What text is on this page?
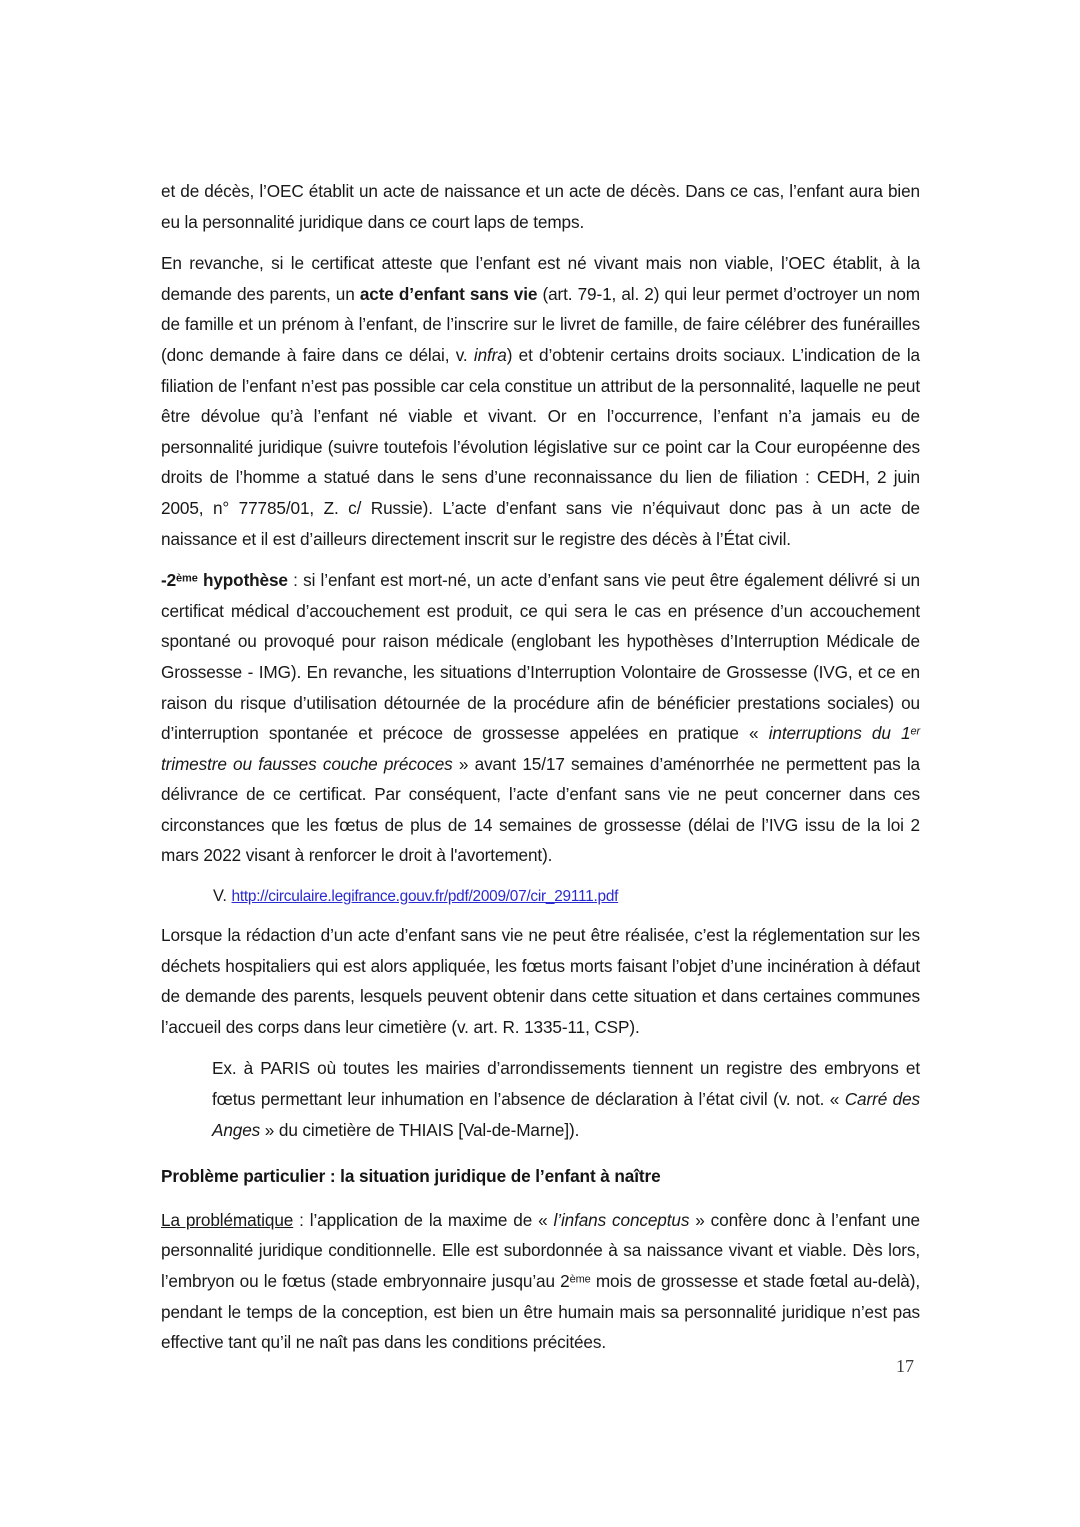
et de décès, l’OEC établit un acte de naissance et un acte de décès. Dans ce cas, l’enfant aura bien eu la personnalité juridique dans ce court laps de temps.

En revanche, si le certificat atteste que l’enfant est né vivant mais non viable, l’OEC établit, à la demande des parents, un acte d’enfant sans vie (art. 79-1, al. 2) qui leur permet d’octroyer un nom de famille et un prénom à l’enfant, de l’inscrire sur le livret de famille, de faire célébrer des funérailles (donc demande à faire dans ce délai, v. infra) et d’obtenir certains droits sociaux. L’indication de la filiation de l’enfant n’est pas possible car cela constitue un attribut de la personnalité, laquelle ne peut être dévolue qu’à l’enfant né viable et vivant. Or en l’occurrence, l’enfant n’a jamais eu de personnalité juridique (suivre toutefois l’évolution législative sur ce point car la Cour européenne des droits de l’homme a statué dans le sens d’une reconnaissance du lien de filiation : CEDH, 2 juin 2005, n° 77785/01, Z. c/ Russie). L’acte d’enfant sans vie n’équivaut donc pas à un acte de naissance et il est d’ailleurs directement inscrit sur le registre des décès à l’État civil.

-2ème hypothèse : si l’enfant est mort-né, un acte d’enfant sans vie peut être également délivré si un certificat médical d’accouchement est produit, ce qui sera le cas en présence d’un accouchement spontané ou provoqué pour raison médicale (englobant les hypothèses d’Interruption Médicale de Grossesse - IMG). En revanche, les situations d’Interruption Volontaire de Grossesse (IVG, et ce en raison du risque d’utilisation détournée de la procédure afin de bénéficier prestations sociales) ou d’interruption spontanée et précoce de grossesse appelées en pratique « interruptions du 1er trimestre ou fausses couche précoces » avant 15/17 semaines d’aménorrhée ne permettent pas la délivrance de ce certificat. Par conséquent, l’acte d’enfant sans vie ne peut concerner dans ces circonstances que les fœtus de plus de 14 semaines de grossesse (délai de l’IVG issu de la loi 2 mars 2022 visant à renforcer le droit à l'avortement).

V. http://circulaire.legifrance.gouv.fr/pdf/2009/07/cir_29111.pdf

Lorsque la rédaction d’un acte d’enfant sans vie ne peut être réalisée, c’est la réglementation sur les déchets hospitaliers qui est alors appliquée, les fœtus morts faisant l’objet d’une incinération à défaut de demande des parents, lesquels peuvent obtenir dans cette situation et dans certaines communes l’accueil des corps dans leur cimetière (v. art. R. 1335-11, CSP).

Ex. à PARIS où toutes les mairies d’arrondissements tiennent un registre des embryons et fœtus permettant leur inhumation en l’absence de déclaration à l’état civil (v. not. « Carré des Anges » du cimetière de THIAIS [Val-de-Marne]).

Problème particulier : la situation juridique de l’enfant à naître

La problématique : l’application de la maxime de « l’infans conceptus » confère donc à l’enfant une personnalité juridique conditionnelle. Elle est subordonnée à sa naissance vivant et viable. Dès lors, l’embryon ou le fœtus (stade embryonnaire jusqu’au 2ème mois de grossesse et stade fœtal au-delà), pendant le temps de la conception, est bien un être humain mais sa personnalité juridique n’est pas effective tant qu’il ne naît pas dans les conditions précitées.

17
